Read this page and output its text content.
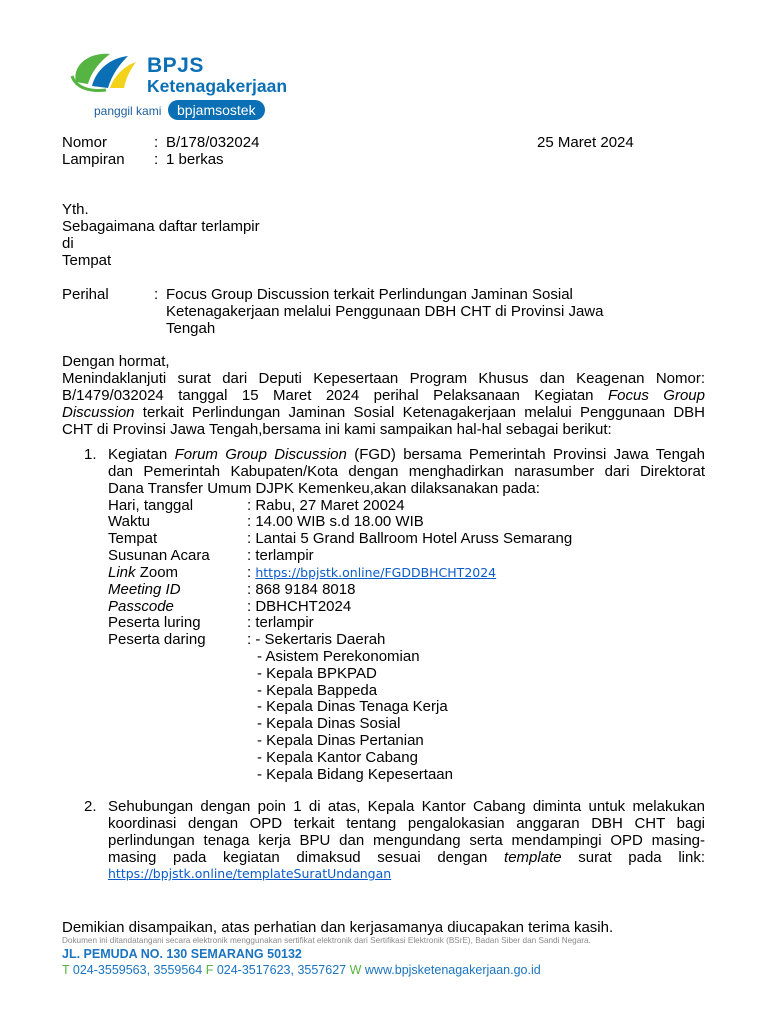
BPJS
Ketenagakerjaan
panggil kami	bpjamsostek
Nomor	: B/178/032024	25 Maret 2024
Lampiran : 1 berkas
Yth.
Sebagaimana daftar terlampir
di
Tempat
Perihal	: Focus Group Discussion terkait Perlindungan Jaminan Sosial
Ketenagakerjaan melalui Penggunaan DBH CHT di Provinsi Jawa
Tengah
Dengan hormat,
Menindaklanjuti surat dari Deputi Kepesertaan Program Khusus dan Keagenan Nomor:
B/1479/032024 tanggal 15 Maret 2024 perihal Pelaksanaan Kegiatan Focus Group
Discussion terkait Perlindungan Jaminan Sosial Ketenagakerjaan melalui Penggunaan DBH
CHT di Provinsi Jawa Tengah,bersama ini kami sampaikan hal-hal sebagai berikut:
1. Kegiatan Forum Group Discussion (FGD) bersama Pemerintah Provinsi Jawa Tengah
dan Pemerintah Kabupaten/Kota dengan menghadirkan narasumber dari Direktorat
Dana Transfer Umum DJPK Kemenkeu,akan dilaksanakan pada:
Hari, tanggal	: Rabu, 27 Maret 20024
Waktu	: 14.00 WIB s.d 18.00 WIB
Tempat	: Lantai 5 Grand Ballroom Hotel Aruss Semarang
Susunan Acara : terlampir
Link Zoom	: https://bpjstk.online/FGDDBHCHT2024
Meeting ID	: 868 9184 8018
Passcode	: DBHCHT2024
Peserta luring	: terlampir
Peserta daring	: - Sekertaris Daerah
- Asistem Perekonomian
- Kepala BPKPAD
- Kepala Bappeda
- Kepala Dinas Tenaga Kerja
- Kepala Dinas Sosial
- Kepala Dinas Pertanian
- Kepala Kantor Cabang
- Kepala Bidang Kepesertaan
2. Sehubungan dengan poin 1 di atas, Kepala Kantor Cabang diminta untuk melakukan
koordinasi dengan OPD terkait tentang pengalokasian anggaran DBH CHT bagi
perlindungan tenaga kerja BPU dan mengundang serta mendampingi OPD masing-
masing pada kegiatan dimaksud sesuai dengan template surat pada link:
https://bpjstk.online/templateSuratUndangan
Demikian disampaikan, atas perhatian dan kerjasamanya diucapakan terima kasih.
Dokumen ini ditandatangani secara elektronik menggunakan sertifikat elektronik dari Sertifikasi Elektronik (BSrE), Badan Siber dan Sandi Negara.
JL. PEMUDA NO. 130 SEMARANG 50132
T 024-3559563, 3559564 F 024-3517623, 3557627 W www.bpjsketenagakerjaan.go.id
